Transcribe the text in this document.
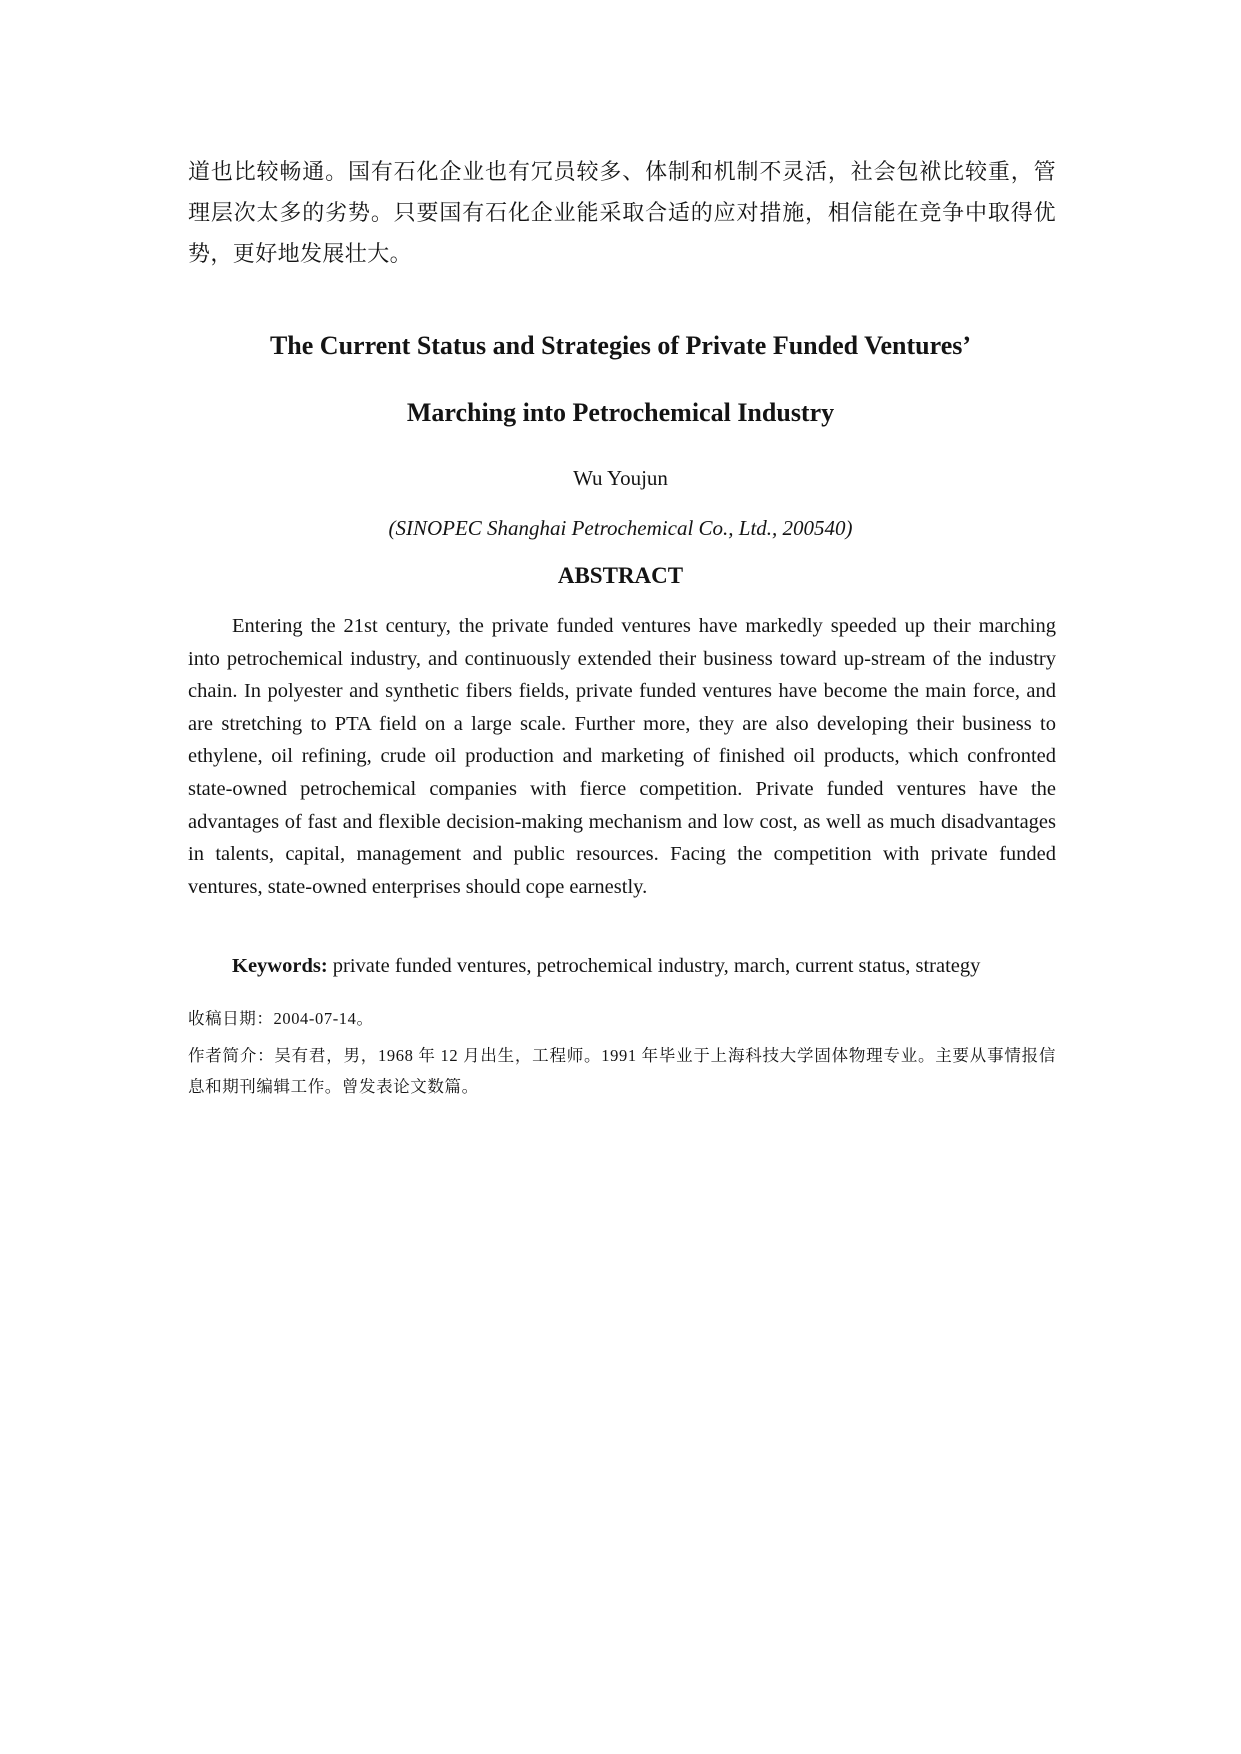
道也比较畅通。国有石化企业也有冗员较多、体制和机制不灵活，社会包袱比较重，管理层次太多的劣势。只要国有石化企业能采取合适的应对措施，相信能在竞争中取得优势，更好地发展壮大。

The Current Status and Strategies of Private Funded Ventures’
Marching into Petrochemical Industry

Wu Youjun

(SINOPEC Shanghai Petrochemical Co., Ltd., 200540)

ABSTRACT

Entering the 21st century, the private funded ventures have markedly speeded up their marching into petrochemical industry, and continuously extended their business toward up-stream of the industry chain. In polyester and synthetic fibers fields, private funded ventures have become the main force, and are stretching to PTA field on a large scale. Further more, they are also developing their business to ethylene, oil refining, crude oil production and marketing of finished oil products, which confronted state-owned petrochemical companies with fierce competition. Private funded ventures have the advantages of fast and flexible decision-making mechanism and low cost, as well as much disadvantages in talents, capital, management and public resources. Facing the competition with private funded ventures, state-owned enterprises should cope earnestly.

Keywords: private funded ventures, petrochemical industry, march, current status, strategy

收稿日期：2004-07-14。

作者简介：吴有君，男，1968 年 12 月出生，工程师。1991 年毕业于上海科技大学固体物理专业。主要从事情报信息和期刊编辑工作。曾发表论文数篇。
